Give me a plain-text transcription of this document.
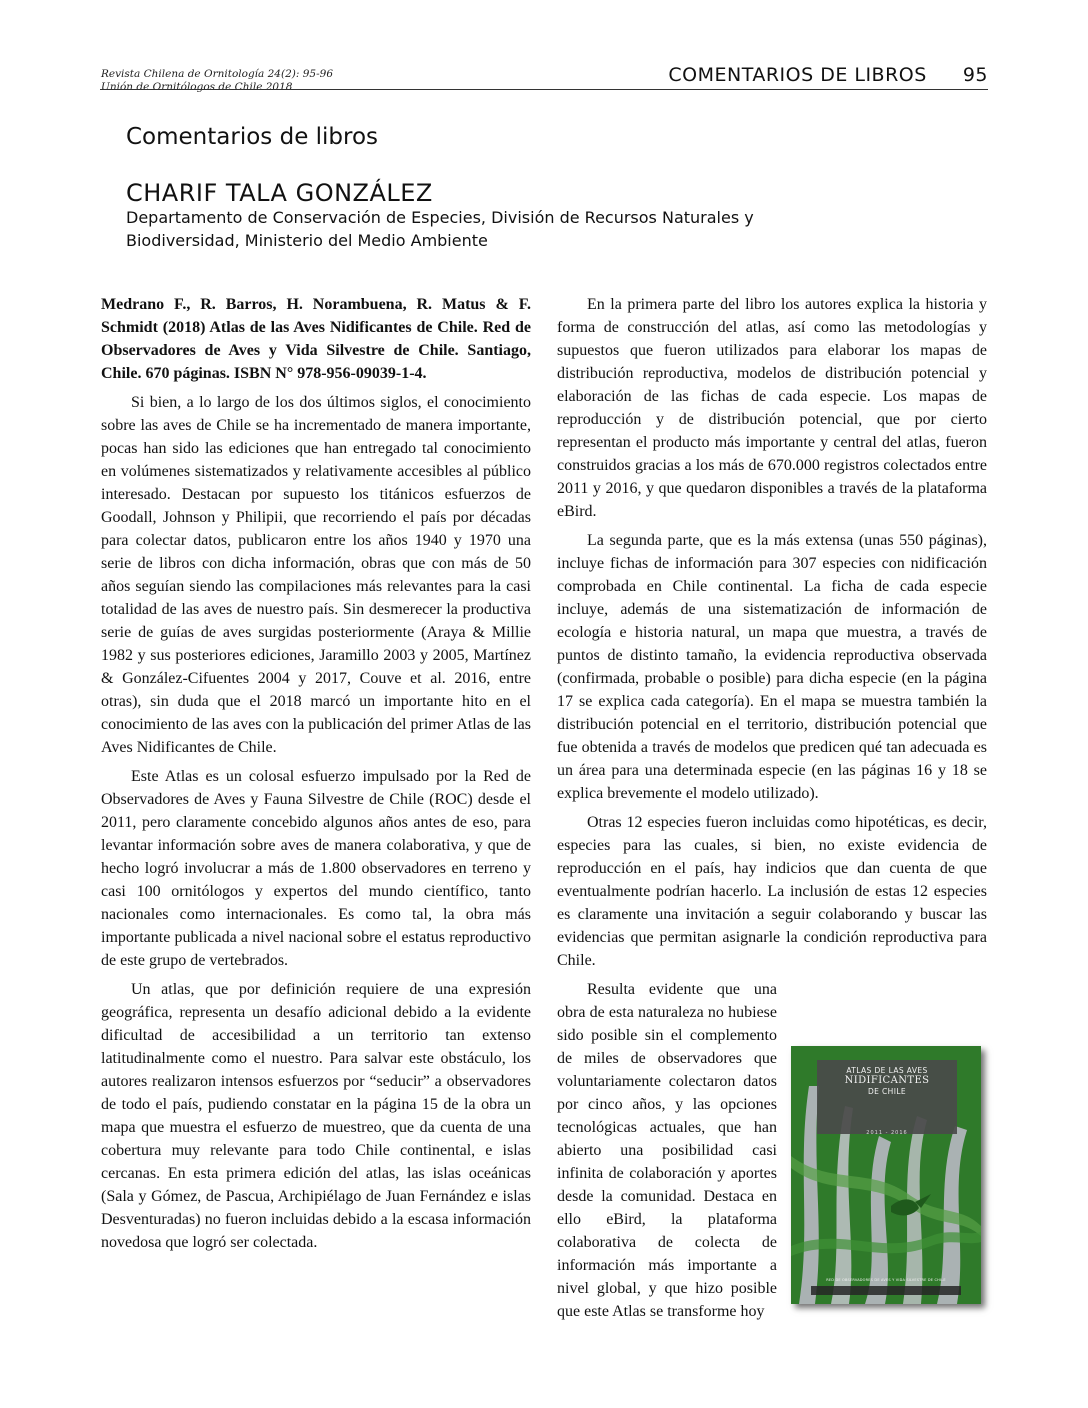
Revista Chilena de Ornitología 24(2): 95-96
Unión de Ornitólogos de Chile 2018
COMENTARIOS DE LIBROS 95
Comentarios de libros
CHARIF TALA GONZÁLEZ
Departamento de Conservación de Especies, División de Recursos Naturales y Biodiversidad, Ministerio del Medio Ambiente

Medrano F., R. Barros, H. Norambuena, R. Matus & F. Schmidt (2018) Atlas de las Aves Nidificantes de Chile. Red de Observadores de Aves y Vida Silvestre de Chile. Santiago, Chile. 670 páginas. ISBN N° 978-956-09039-1-4.

Si bien, a lo largo de los dos últimos siglos, el conocimiento sobre las aves de Chile se ha incrementado de manera importante, pocas han sido las ediciones que han entregado tal conocimiento en volúmenes sistematizados y relativamente accesibles al público interesado. Destacan por supuesto los titánicos esfuerzos de Goodall, Johnson y Philipii, que recorriendo el país por décadas para colectar datos, publicaron entre los años 1940 y 1970 una serie de libros con dicha información, obras que con más de 50 años seguían siendo las compilaciones más relevantes para la casi totalidad de las aves de nuestro país. Sin desmerecer la productiva serie de guías de aves surgidas posteriormente (Araya & Millie 1982 y sus posteriores ediciones, Jaramillo 2003 y 2005, Martínez & González-Cifuentes 2004 y 2017, Couve et al. 2016, entre otras), sin duda que el 2018 marcó un importante hito en el conocimiento de las aves con la publicación del primer Atlas de las Aves Nidificantes de Chile.

Este Atlas es un colosal esfuerzo impulsado por la Red de Observadores de Aves y Fauna Silvestre de Chile (ROC) desde el 2011, pero claramente concebido algunos años antes de eso, para levantar información sobre aves de manera colaborativa, y que de hecho logró involucrar a más de 1.800 observadores en terreno y casi 100 ornitólogos y expertos del mundo científico, tanto nacionales como internacionales. Es como tal, la obra más importante publicada a nivel nacional sobre el estatus reproductivo de este grupo de vertebrados.

Un atlas, que por definición requiere de una expresión geográfica, representa un desafío adicional debido a la evidente dificultad de accesibilidad a un territorio tan extenso latitudinalmente como el nuestro. Para salvar este obstáculo, los autores realizaron intensos esfuerzos por “seducir” a observadores de todo el país, pudiendo constatar en la página 15 de la obra un mapa que muestra el esfuerzo de muestreo, que da cuenta de una cobertura muy relevante para todo Chile continental, e islas cercanas. En esta primera edición del atlas, las islas oceánicas (Sala y Gómez, de Pascua, Archipiélago de Juan Fernández e islas Desventuradas) no fueron incluidas debido a la escasa información novedosa que logró ser colectada.

En la primera parte del libro los autores explica la historia y forma de construcción del atlas, así como las metodologías y supuestos que fueron utilizados para elaborar los mapas de distribución reproductiva, modelos de distribución potencial y elaboración de las fichas de cada especie. Los mapas de reproducción y de distribución potencial, que por cierto representan el producto más importante y central del atlas, fueron construidos gracias a los más de 670.000 registros colectados entre 2011 y 2016, y que quedaron disponibles a través de la plataforma eBird.

La segunda parte, que es la más extensa (unas 550 páginas), incluye fichas de información para 307 especies con nidificación comprobada en Chile continental. La ficha de cada especie incluye, además de una sistematización de información de ecología e historia natural, un mapa que muestra, a través de puntos de distinto tamaño, la evidencia reproductiva observada (confirmada, probable o posible) para dicha especie (en la página 17 se explica cada categoría). En el mapa se muestra también la distribución potencial en el territorio, distribución potencial que fue obtenida a través de modelos que predicen qué tan adecuada es un área para una determinada especie (en las páginas 16 y 18 se explica brevemente el modelo utilizado).

Otras 12 especies fueron incluidas como hipotéticas, es decir, especies para las cuales, si bien, no existe evidencia de reproducción en el país, hay indicios que dan cuenta de que eventualmente podrían hacerlo. La inclusión de estas 12 especies es claramente una invitación a seguir colaborando y buscar las evidencias que permitan asignarle la condición reproductiva para Chile.

ATLAS DE LAS AVES
NIDIFICANTES
DE CHILE
2011 - 2016
RED DE OBSERVADORES DE AVES Y VIDA SILVESTRE DE CHILE

Resulta evidente que una obra de esta naturaleza no hubiese sido posible sin el complemento de miles de observadores que voluntariamente colectaron datos por cinco años, y las opciones tecnológicas actuales, que han abierto una posibilidad casi infinita de colaboración y aportes desde la comunidad. Destaca en ello eBird, la plataforma colaborativa de colecta de información más importante a nivel global, y que hizo posible que este Atlas se transforme hoy
